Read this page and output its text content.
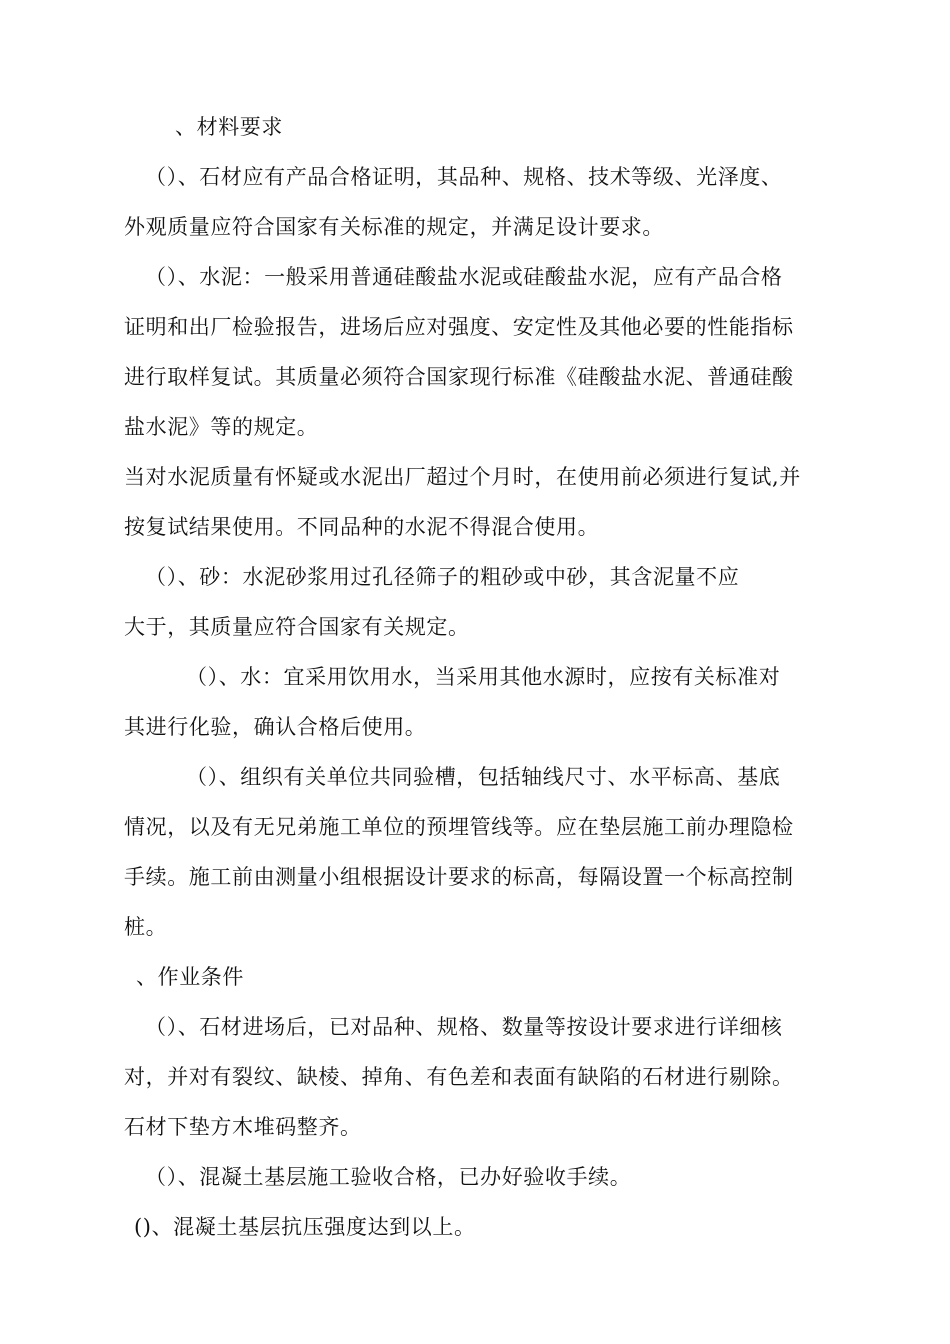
、材料要求

（）、石材应有产品合格证明，其品种、规格、技术等级、光泽度、

外观质量应符合国家有关标准的规定，并满足设计要求。

（）、水泥：一般采用普通硅酸盐水泥或硅酸盐水泥，应有产品合格

证明和出厂检验报告，进场后应对强度、安定性及其他必要的性能指标

进行取样复试。其质量必须符合国家现行标准《硅酸盐水泥、普通硅酸

盐水泥》等的规定。

当对水泥质量有怀疑或水泥出厂超过个月时，在使用前必须进行复试,并

按复试结果使用。不同品种的水泥不得混合使用。

（）、砂：水泥砂浆用过孔径筛子的粗砂或中砂，其含泥量不应

大于，其质量应符合国家有关规定。

（）、水：宜采用饮用水，当采用其他水源时，应按有关标准对

其进行化验，确认合格后使用。

（）、组织有关单位共同验槽，包括轴线尺寸、水平标高、基底

情况，以及有无兄弟施工单位的预埋管线等。应在垫层施工前办理隐检

手续。施工前由测量小组根据设计要求的标高，每隔设置一个标高控制

桩。

、作业条件

（）、石材进场后，已对品种、规格、数量等按设计要求进行详细核

对，并对有裂纹、缺棱、掉角、有色差和表面有缺陷的石材进行剔除。

石材下垫方木堆码整齐。

（）、混凝土基层施工验收合格，已办好验收手续。

()、混凝土基层抗压强度达到以上。
